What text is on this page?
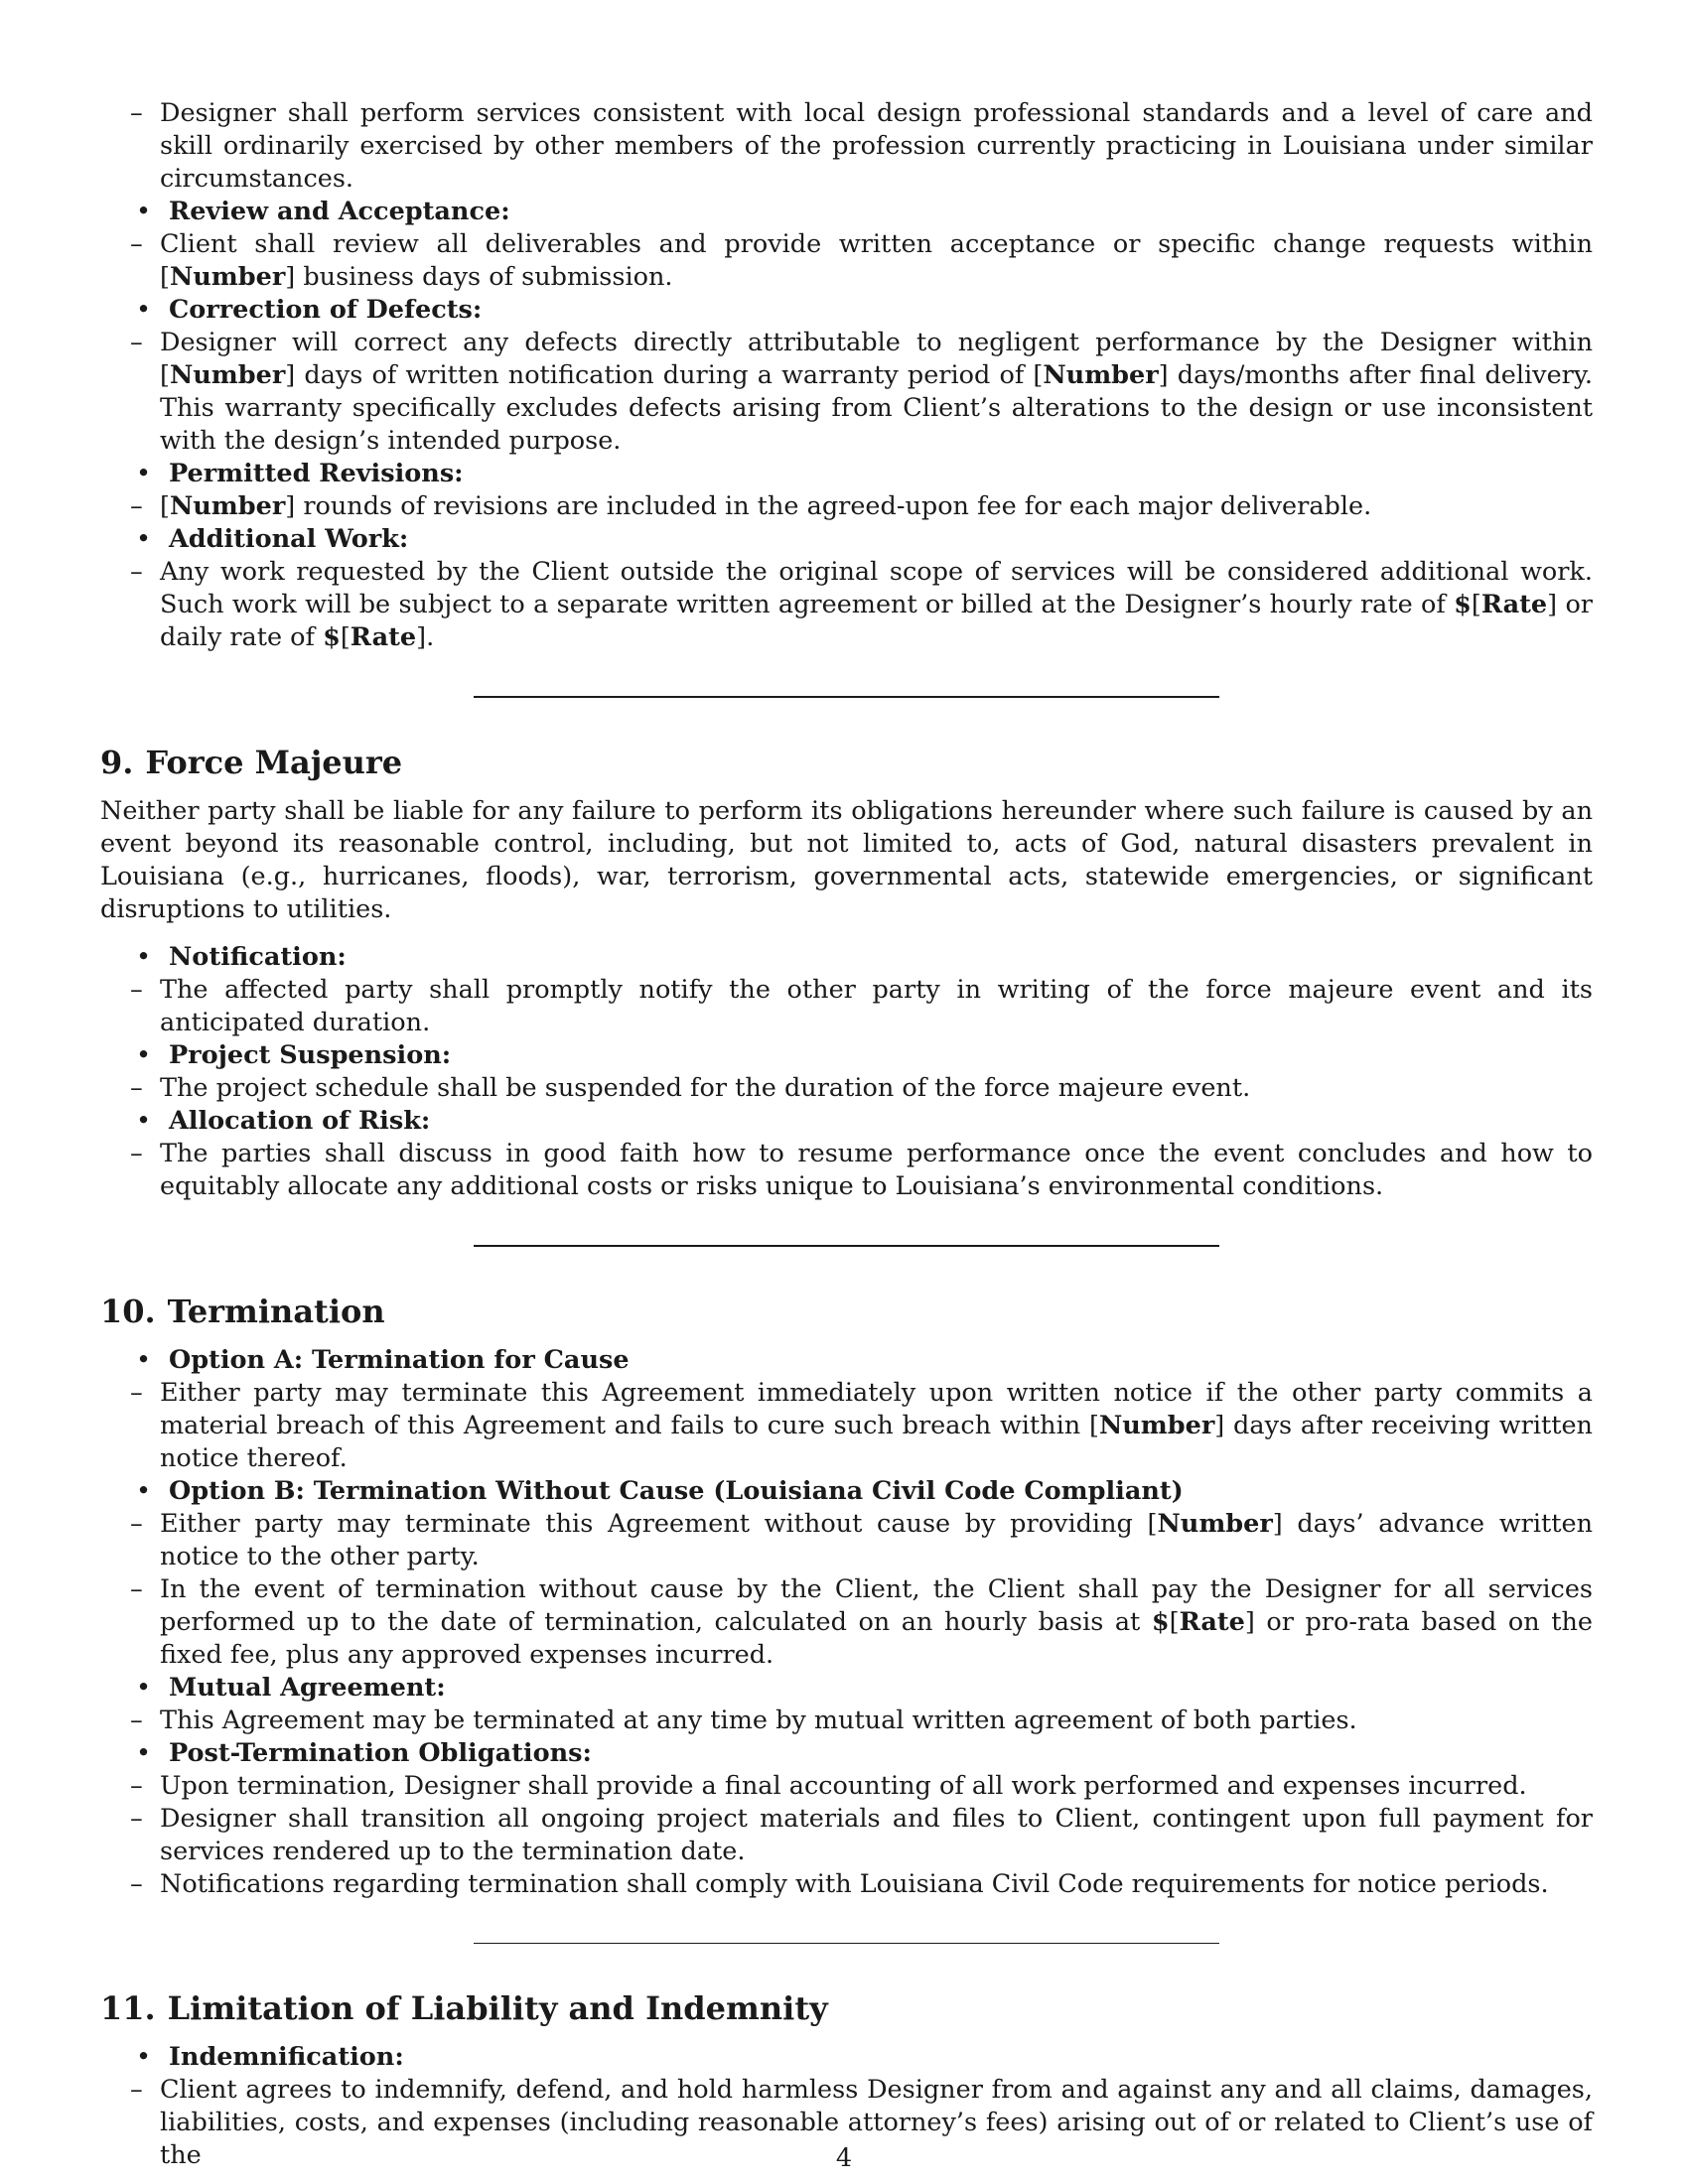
– Designer shall perform services consistent with local design professional standards and a level of care and skill ordinarily exercised by other members of the profession currently practicing in Louisiana under similar circumstances.
• Review and Acceptance:
– Client shall review all deliverables and provide written acceptance or specific change requests within [Number] business days of submission.
• Correction of Defects:
– Designer will correct any defects directly attributable to negligent performance by the Designer within [Number] days of written notification during a warranty period of [Number] days/months after final delivery. This warranty specifically excludes defects arising from Client’s alterations to the design or use inconsistent with the design’s intended purpose.
• Permitted Revisions:
– [Number] rounds of revisions are included in the agreed-upon fee for each major deliverable.
• Additional Work:
– Any work requested by the Client outside the original scope of services will be considered additional work. Such work will be subject to a separate written agreement or billed at the Designer’s hourly rate of $[Rate] or daily rate of $[Rate].
9. Force Majeure

Neither party shall be liable for any failure to perform its obligations hereunder where such failure is caused by an event beyond its reasonable control, including, but not limited to, acts of God, natural disasters prevalent in Louisiana (e.g., hurricanes, floods), war, terrorism, governmental acts, statewide emergencies, or significant disruptions to utilities.

• Notification:
– The affected party shall promptly notify the other party in writing of the force majeure event and its anticipated duration.
• Project Suspension:
– The project schedule shall be suspended for the duration of the force majeure event.
• Allocation of Risk:
– The parties shall discuss in good faith how to resume performance once the event concludes and how to equitably allocate any additional costs or risks unique to Louisiana’s environmental conditions.
10. Termination
• Option A: Termination for Cause
– Either party may terminate this Agreement immediately upon written notice if the other party commits a material breach of this Agreement and fails to cure such breach within [Number] days after receiving written notice thereof.
• Option B: Termination Without Cause (Louisiana Civil Code Compliant)
– Either party may terminate this Agreement without cause by providing [Number] days’ advance written notice to the other party.
– In the event of termination without cause by the Client, the Client shall pay the Designer for all services performed up to the date of termination, calculated on an hourly basis at $[Rate] or pro-rata based on the fixed fee, plus any approved expenses incurred.
• Mutual Agreement:
– This Agreement may be terminated at any time by mutual written agreement of both parties.
• Post-Termination Obligations:
– Upon termination, Designer shall provide a final accounting of all work performed and expenses incurred.
– Designer shall transition all ongoing project materials and files to Client, contingent upon full payment for services rendered up to the termination date.
– Notifications regarding termination shall comply with Louisiana Civil Code requirements for notice periods.
11. Limitation of Liability and Indemnity
• Indemnification:
– Client agrees to indemnify, defend, and hold harmless Designer from and against any and all claims, damages, liabilities, costs, and expenses (including reasonable attorney’s fees) arising out of or related to Client’s use of the	4
